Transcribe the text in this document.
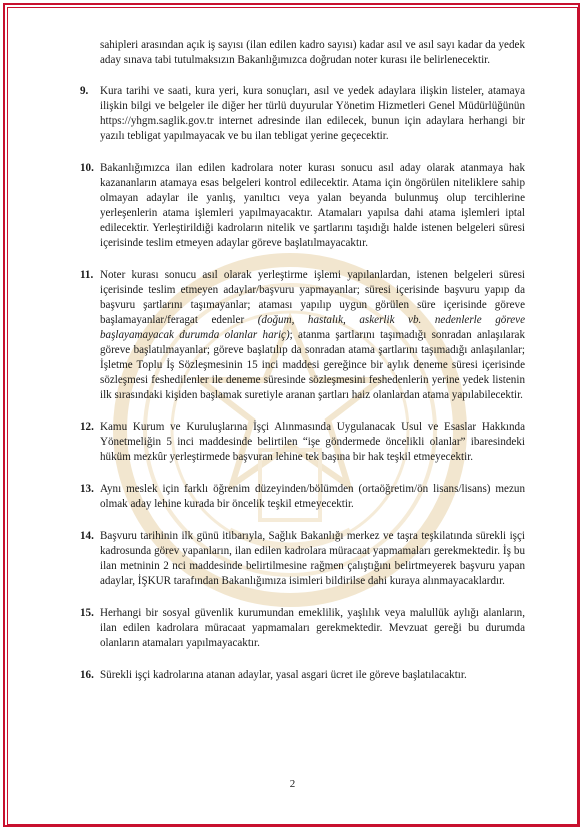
sahipleri arasından açık iş sayısı (ilan edilen kadro sayısı) kadar asıl ve asıl sayı kadar da yedek aday sınava tabi tutulmaksızın Bakanlığımızca doğrudan noter kurası ile belirlenecektir.
9.	Kura tarihi ve saati, kura yeri, kura sonuçları, asıl ve yedek adaylara ilişkin listeler, atamaya ilişkin bilgi ve belgeler ile diğer her türlü duyurular Yönetim Hizmetleri Genel Müdürlüğünün https://yhgm.saglik.gov.tr internet adresinde ilan edilecek, bunun için adaylara herhangi bir yazılı tebligat yapılmayacak ve bu ilan tebligat yerine geçecektir.
10. Bakanlığımızca ilan edilen kadrolara noter kurası sonucu asıl aday olarak atanmaya hak kazananların atamaya esas belgeleri kontrol edilecektir. Atama için öngörülen niteliklere sahip olmayan adaylar ile yanlış, yanıltıcı veya yalan beyanda bulunmuş olup tercihlerine yerleşenlerin atama işlemleri yapılmayacaktır. Atamaları yapılsa dahi atama işlemleri iptal edilecektir. Yerleştirildiği kadroların nitelik ve şartlarını taşıdığı halde istenen belgeleri süresi içerisinde teslim etmeyen adaylar göreve başlatılmayacaktır.
11. Noter kurası sonucu asıl olarak yerleştirme işlemi yapılanlardan, istenen belgeleri süresi içerisinde teslim etmeyen adaylar/başvuru yapmayanlar; süresi içerisinde başvuru yapıp da başvuru şartlarını taşımayanlar; ataması yapılıp uygun görülen süre içerisinde göreve başlamayanlar/feragat edenler (doğum, hastalık, askerlik vb. nedenlerle göreve başlayamayacak durumda olanlar hariç); atanma şartlarını taşımadığı sonradan anlaşılarak göreve başlatılmayanlar; göreve başlatılıp da sonradan atama şartlarını taşımadığı anlaşılanlar; İşletme Toplu İş Sözleşmesinin 15 inci maddesi gereğince bir aylık deneme süresi içerisinde sözleşmesi feshedilenler ile deneme süresinde sözleşmesini feshedenlerin yerine yedek listenin ilk sırasındaki kişiden başlamak suretiyle aranan şartları haiz olanlardan atama yapılabilecektir.
12. Kamu Kurum ve Kuruluşlarına İşçi Alınmasında Uygulanacak Usul ve Esaslar Hakkında Yönetmeliğin 5 inci maddesinde belirtilen “işe göndermede öncelikli olanlar” ibaresindeki hüküm mezkûr yerleştirmede başvuran lehine tek başına bir hak teşkil etmeyecektir.
13. Aynı meslek için farklı öğrenim düzeyinden/bölümden (ortaöğretim/ön lisans/lisans) mezun olmak aday lehine kurada bir öncelik teşkil etmeyecektir.
14. Başvuru tarihinin ilk günü itibarıyla, Sağlık Bakanlığı merkez ve taşra teşkilatında sürekli işçi kadrosunda görev yapanların, ilan edilen kadrolara müracaat yapmamaları gerekmektedir. İş bu ilan metninin 2 nci maddesinde belirtilmesine rağmen çalıştığını belirtmeyerek başvuru yapan adaylar, İŞKUR tarafından Bakanlığımıza isimleri bildirilse dahi kuraya alınmayacaklardır.
15. Herhangi bir sosyal güvenlik kurumundan emeklilik, yaşlılık veya malullük aylığı alanların, ilan edilen kadrolara müracaat yapmamaları gerekmektedir. Mevzuat gereği bu durumda olanların atamaları yapılmayacaktır.
16. Sürekli işçi kadrolarına atanan adaylar, yasal asgari ücret ile göreve başlatılacaktır.
2
